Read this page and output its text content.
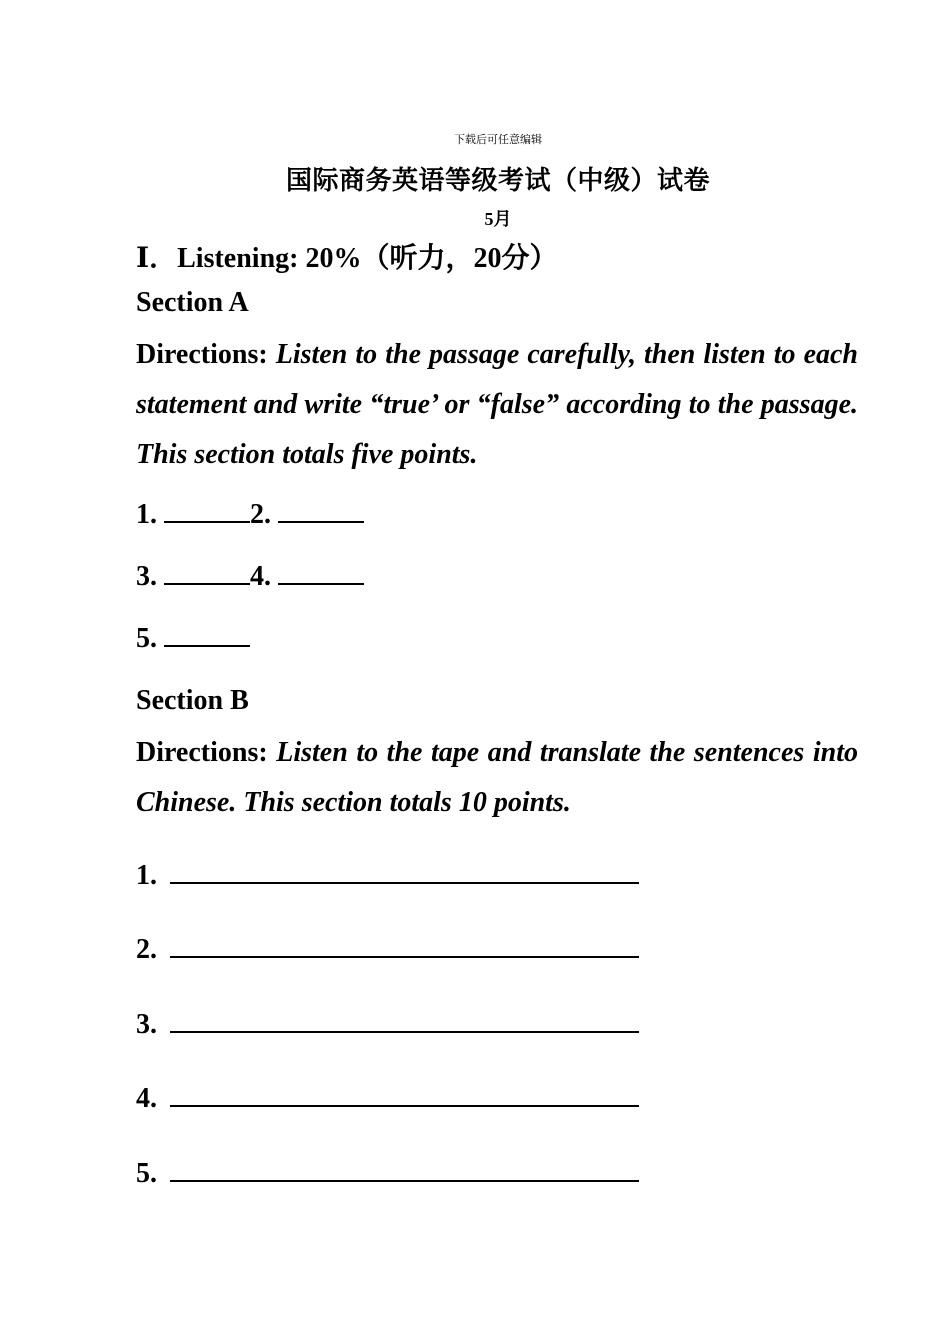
下载后可任意编辑
国际商务英语等级考试（中级）试卷
5月
Ⅰ．Listening: 20%（听力，20分）
Section A
Directions: Listen to the passage carefully, then listen to each statement and write “true’ or “false” according to the passage. This section totals five points.
1.	2.
3.	4.
5.
Section B
Directions: Listen to the tape and translate the sentences into Chinese. This section totals 10 points.
1.
2.
3.
4.
5.
